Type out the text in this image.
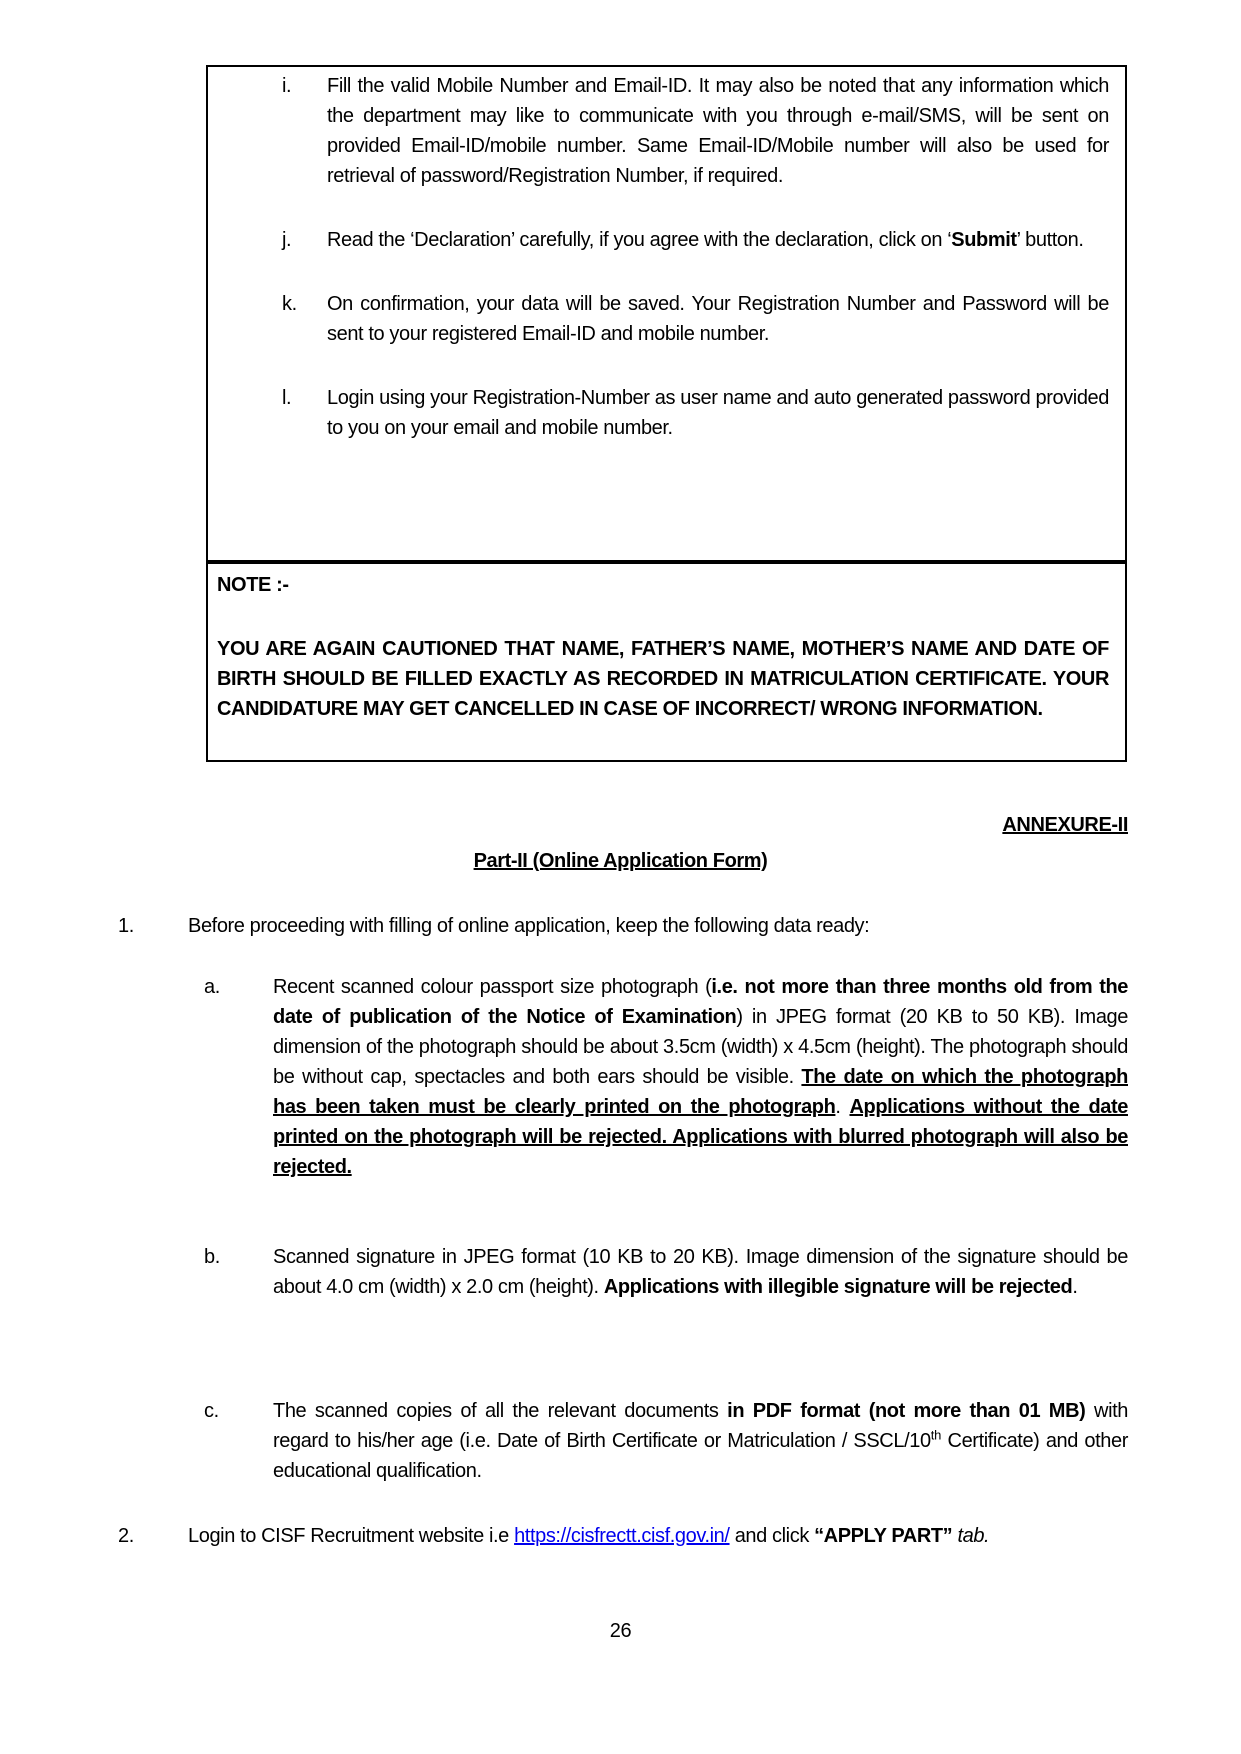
i. Fill the valid Mobile Number and Email-ID. It may also be noted that any information which the department may like to communicate with you through e-mail/SMS, will be sent on provided Email-ID/mobile number. Same Email-ID/Mobile number will also be used for retrieval of password/Registration Number, if required.
j. Read the ‘Declaration’ carefully, if you agree with the declaration, click on ‘Submit’ button.
k. On confirmation, your data will be saved. Your Registration Number and Password will be sent to your registered Email-ID and mobile number.
l. Login using your Registration-Number as user name and auto generated password provided to you on your email and mobile number.
NOTE :-
YOU ARE AGAIN CAUTIONED THAT NAME, FATHER’S NAME, MOTHER’S NAME AND DATE OF BIRTH SHOULD BE FILLED EXACTLY AS RECORDED IN MATRICULATION CERTIFICATE. YOUR CANDIDATURE MAY GET CANCELLED IN CASE OF INCORRECT/ WRONG INFORMATION.
ANNEXURE-II
Part-II (Online Application Form)
1.	Before proceeding with filling of online application, keep the following data ready:
a.	Recent scanned colour passport size photograph (i.e. not more than three months old from the date of publication of the Notice of Examination) in JPEG format (20 KB to 50 KB). Image dimension of the photograph should be about 3.5cm (width) x 4.5cm (height). The photograph should be without cap, spectacles and both ears should be visible. The date on which the photograph has been taken must be clearly printed on the photograph. Applications without the date printed on the photograph will be rejected. Applications with blurred photograph will also be rejected.
b.	Scanned signature in JPEG format (10 KB to 20 KB). Image dimension of the signature should be about 4.0 cm (width) x 2.0 cm (height). Applications with illegible signature will be rejected.
c.	The scanned copies of all the relevant documents in PDF format (not more than 01 MB) with regard to his/her age (i.e. Date of Birth Certificate or Matriculation / SSCL/10th Certificate) and other educational qualification.
2.	Login to CISF Recruitment website i.e https://cisfrectt.cisf.gov.in/ and click “APPLY PART” tab.
26
